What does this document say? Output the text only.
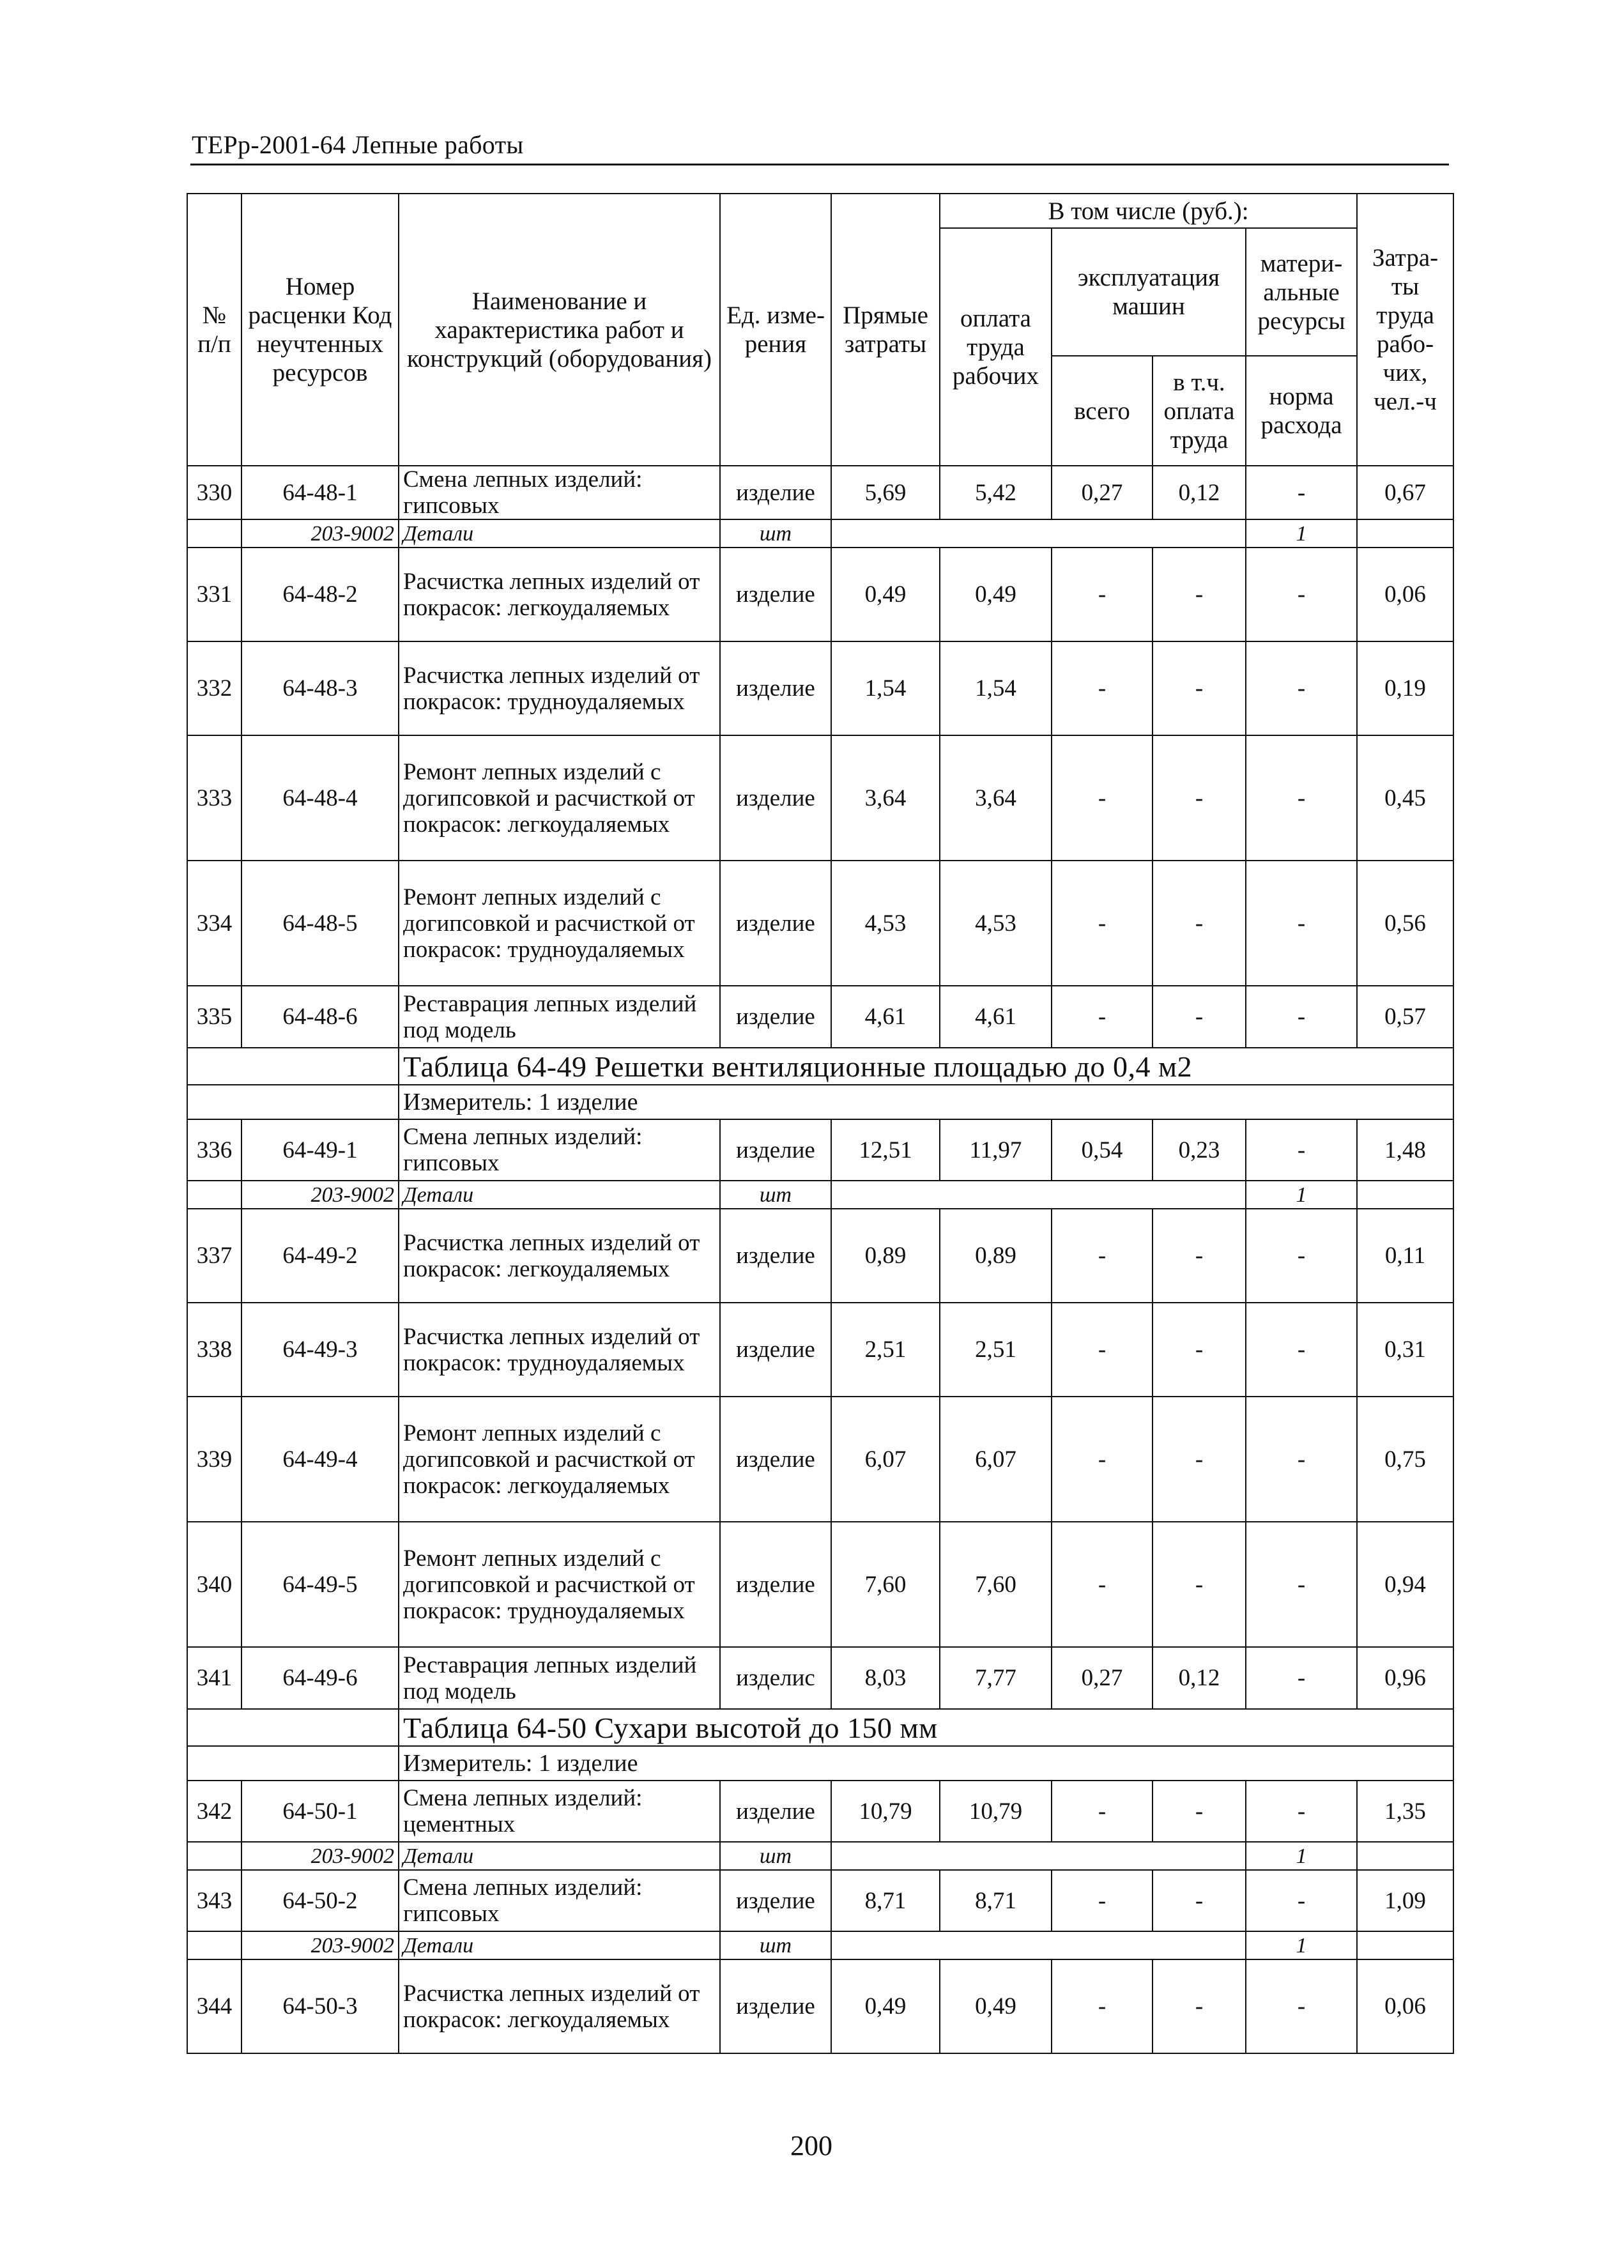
ТЕРр-2001-64 Лепные работы
№ п/п	Номер расценки Код неучтенных ресурсов	Наименование и характеристика работ и конструкций (оборудования)	Ед. изме-рения	Прямые затраты	В том числе (руб.):				Затра-ты труда рабо-чих, чел.-ч
					оплата труда рабочих	эксплуатация машин		матери-альные ресурсы	
						всего	в т.ч. оплата труда	норма расхода	

330	64-48-1	Смена лепных изделий: гипсовых	изделие	5,69	5,42	0,27	0,12	-	0,67
	203-9002	Детали	шт					1	
331	64-48-2	Расчистка лепных изделий от покрасок: легкоудаляемых	изделие	0,49	0,49	-	-	-	0,06
332	64-48-3	Расчистка лепных изделий от покрасок: трудноудаляемых	изделие	1,54	1,54	-	-	-	0,19
333	64-48-4	Ремонт лепных изделий с догипсовкой и расчисткой от покрасок: легкоудаляемых	изделие	3,64	3,64	-	-	-	0,45
334	64-48-5	Ремонт лепных изделий с догипсовкой и расчисткой от покрасок: трудноудаляемых	изделие	4,53	4,53	-	-	-	0,56
335	64-48-6	Реставрация лепных изделий под модель	изделие	4,61	4,61	-	-	-	0,57
		Таблица 64-49 Решетки вентиляционные площадью до 0,4 м2							
		Измеритель: 1 изделие							
336	64-49-1	Смена лепных изделий: гипсовых	изделие	12,51	11,97	0,54	0,23	-	1,48
	203-9002	Детали	шт					1	
337	64-49-2	Расчистка лепных изделий от покрасок: легкоудаляемых	изделие	0,89	0,89	-	-	-	0,11
338	64-49-3	Расчистка лепных изделий от покрасок: трудноудаляемых	изделие	2,51	2,51	-	-	-	0,31
339	64-49-4	Ремонт лепных изделий с догипсовкой и расчисткой от покрасок: легкоудаляемых	изделие	6,07	6,07	-	-	-	0,75
340	64-49-5	Ремонт лепных изделий с догипсовкой и расчисткой от покрасок: трудноудаляемых	изделие	7,60	7,60	-	-	-	0,94
341	64-49-6	Реставрация лепных изделий под модель	изделис	8,03	7,77	0,27	0,12	-	0,96
		Таблица 64-50 Сухари высотой до 150 мм							
		Измеритель: 1 изделие							
342	64-50-1	Смена лепных изделий: цементных	изделие	10,79	10,79	-	-	-	1,35
	203-9002	Детали	шт					1	
343	64-50-2	Смена лепных изделий: гипсовых	изделие	8,71	8,71	-	-	-	1,09
	203-9002	Детали	шт					1	
344	64-50-3	Расчистка лепных изделий от покрасок: легкоудаляемых	изделие	0,49	0,49	-	-	-	0,06
200
